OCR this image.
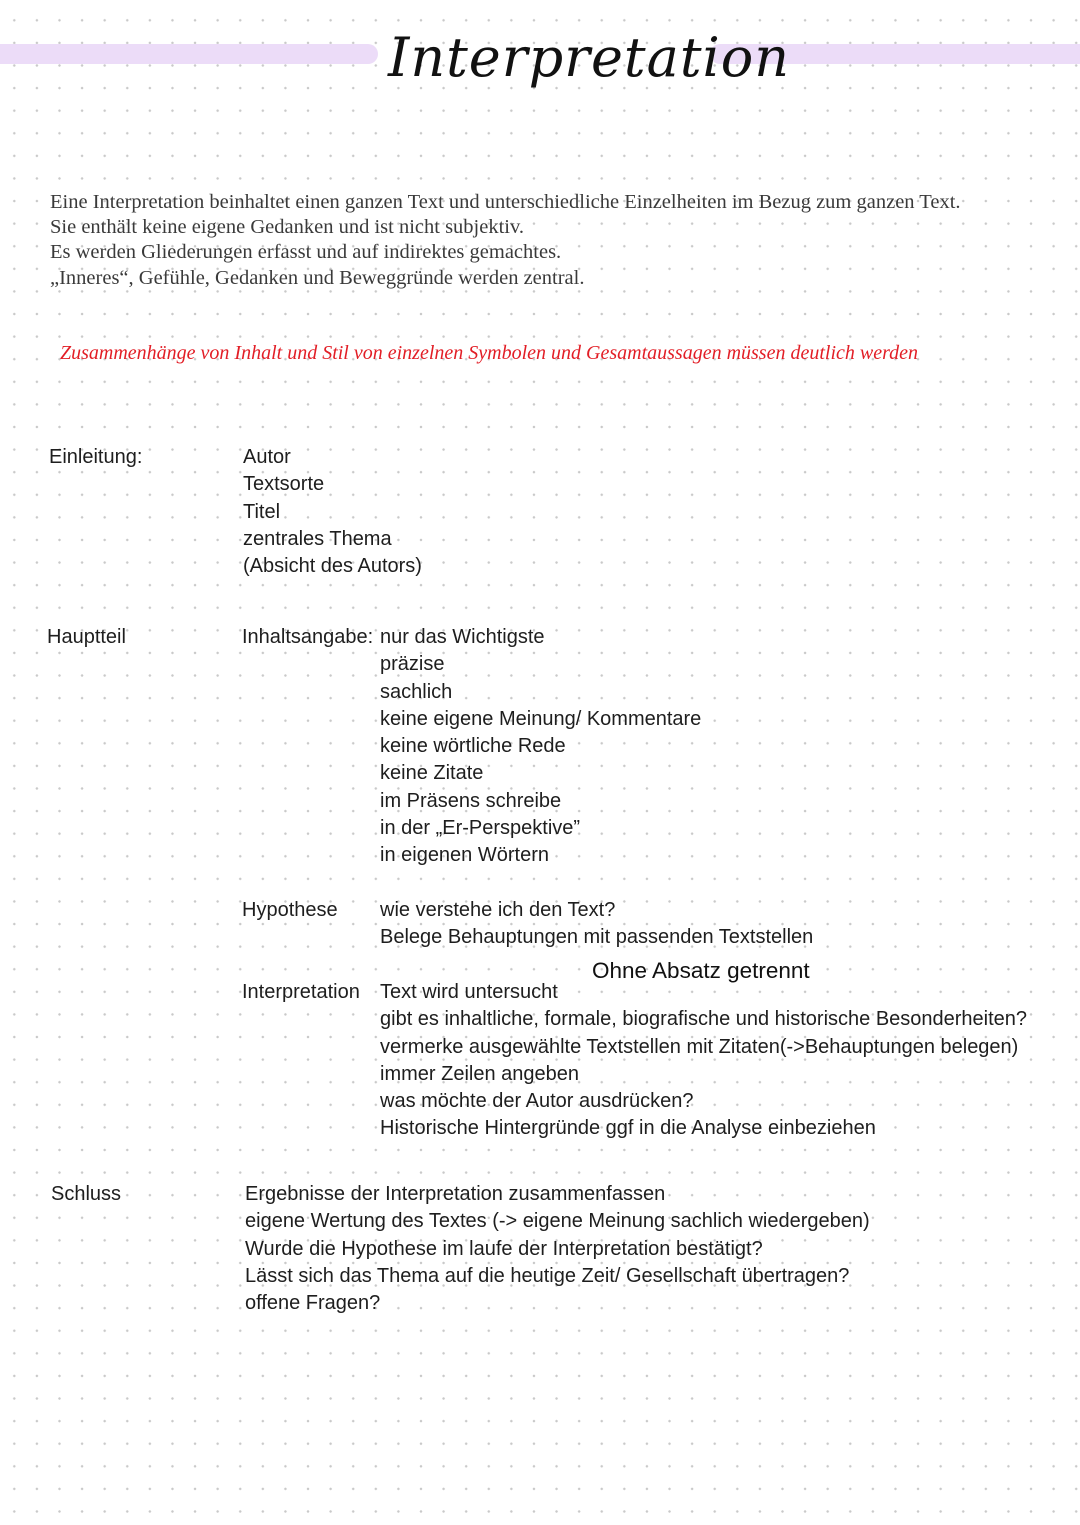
Interpretation
Eine Interpretation beinhaltet einen ganzen Text und unterschiedliche Einzelheiten im Bezug zum ganzen Text.
Sie enthält keine eigene Gedanken und ist nicht subjektiv.
Es werden Gliederungen erfasst und auf indirektes gemachtes.
„Inneres“, Gefühle, Gedanken und Beweggründe werden zentral.
Zusammenhänge von Inhalt und Stil von einzelnen Symbolen und Gesamtaussagen müssen deutlich werden
Einleitung:	Autor
Textsorte
Titel
zentrales Thema
(Absicht des Autors)
Hauptteil	Inhaltsangabe: nur das Wichtigste
präzise
sachlich
keine eigene Meinung/ Kommentare
keine wörtliche Rede
keine Zitate
im Präsens schreibe
in der „Er-Perspektive”
in eigenen Wörtern
Hypothese wie verstehe ich den Text?
Belege Behauptungen mit passenden Textstellen
Ohne Absatz getrennt
Interpretation Text wird untersucht
gibt es inhaltliche, formale, biografische und historische Besonderheiten?
vermerke ausgewählte Textstellen mit Zitaten(->Behauptungen belegen)
immer Zeilen angeben
was möchte der Autor ausdrücken?
Historische Hintergründe ggf in die Analyse einbeziehen
Schluss	Ergebnisse der Interpretation zusammenfassen
eigene Wertung des Textes (-> eigene Meinung sachlich wiedergeben)
Wurde die Hypothese im laufe der Interpretation bestätigt?
Lässt sich das Thema auf die heutige Zeit/ Gesellschaft übertragen?
offene Fragen?
